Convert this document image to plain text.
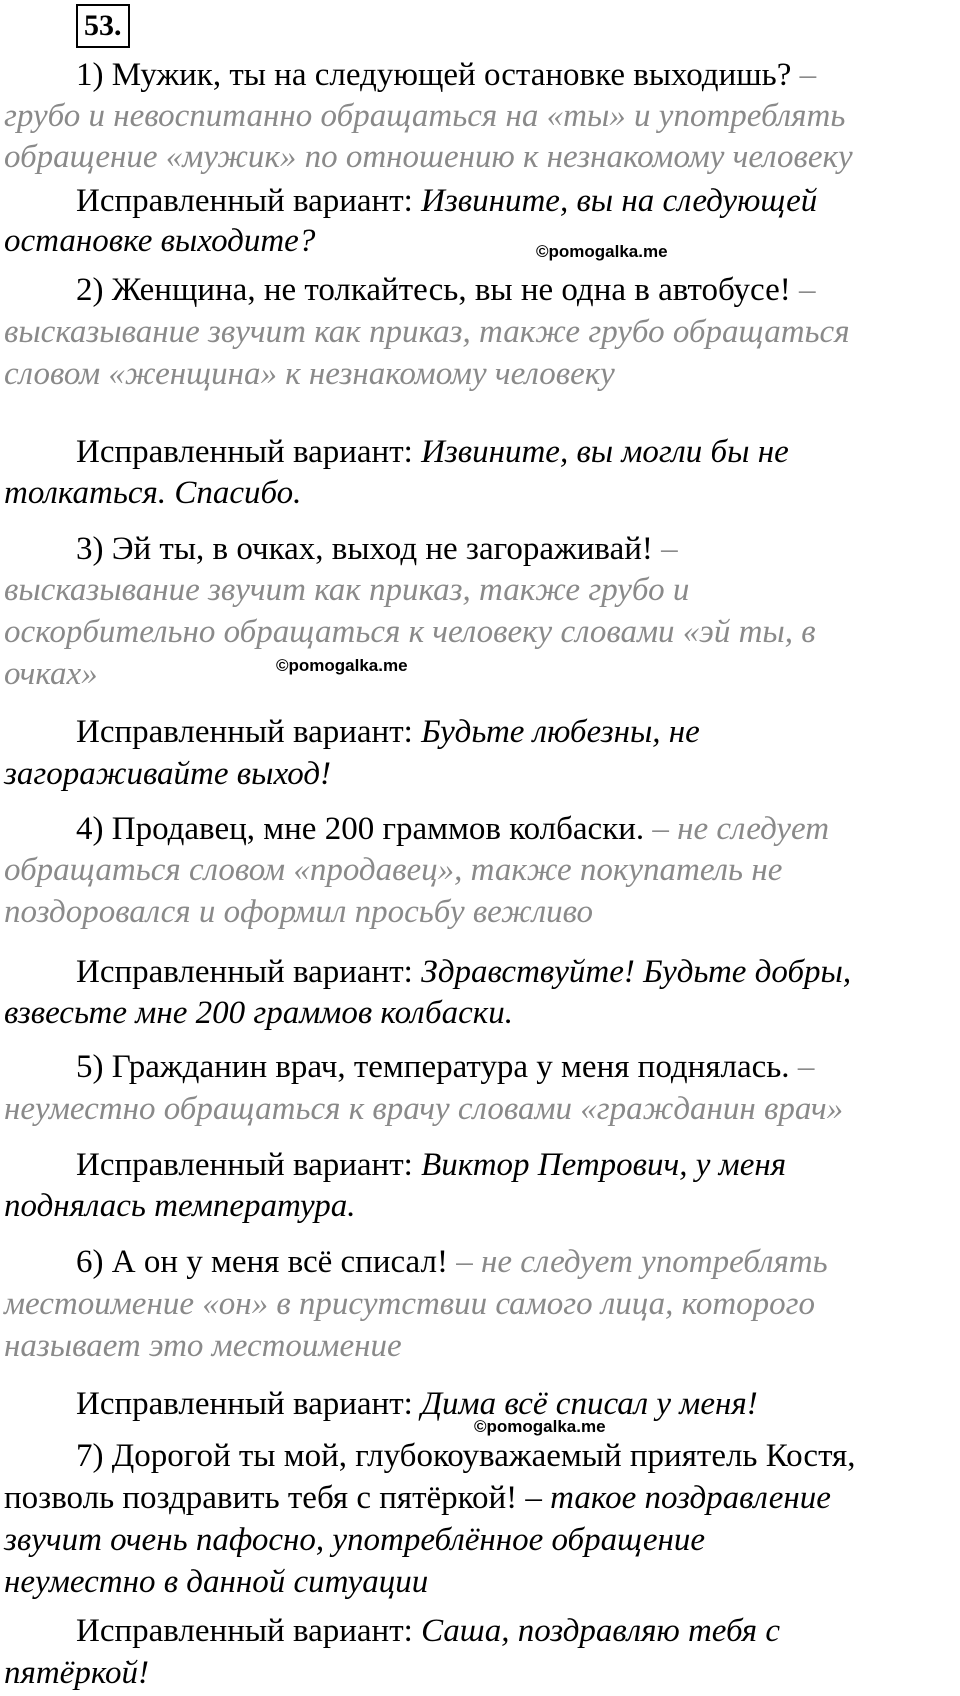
53.
1) Мужик, ты на следующей остановке выходишь? –
грубо и невоспитанно обращаться на «ты» и употреблять
обращение «мужик» по отношению к незнакомому человеку
Исправленный вариант: Извините, вы на следующей
остановке выходите?	©pomogalka.me
2) Женщина, не толкайтесь, вы не одна в автобусе! –
высказывание звучит как приказ, также грубо обращаться
словом «женщина» к незнакомому человеку
Исправленный вариант: Извините, вы могли бы не
толкаться. Спасибо.
3) Эй ты, в очках, выход не загораживай! –
высказывание звучит как приказ, также грубо и
оскорбительно обращаться к человеку словами «эй ты, в
очках»	©pomogalka.me
Исправленный вариант: Будьте любезны, не
загораживайте выход!
4) Продавец, мне 200 граммов колбаски. – не следует
обращаться словом «продавец», также покупатель не
поздоровался и оформил просьбу вежливо
Исправленный вариант: Здравствуйте! Будьте добры,
взвесьте мне 200 граммов колбаски.
5) Гражданин врач, температура у меня поднялась. –
неуместно обращаться к врачу словами «гражданин врач»
Исправленный вариант: Виктор Петрович, у меня
поднялась температура.
6) А он у меня всё списал! – не следует употреблять
местоимение «он» в присутствии самого лица, которого
называет это местоимение
Исправленный вариант: Дима всё списал у меня!
©pomogalka.me
7) Дорогой ты мой, глубокоуважаемый приятель Костя,
позволь поздравить тебя с пятёркой! – такое поздравление
звучит очень пафосно, употреблённое обращение
неуместно в данной ситуации
Исправленный вариант: Саша, поздравляю тебя с
пятёркой!
